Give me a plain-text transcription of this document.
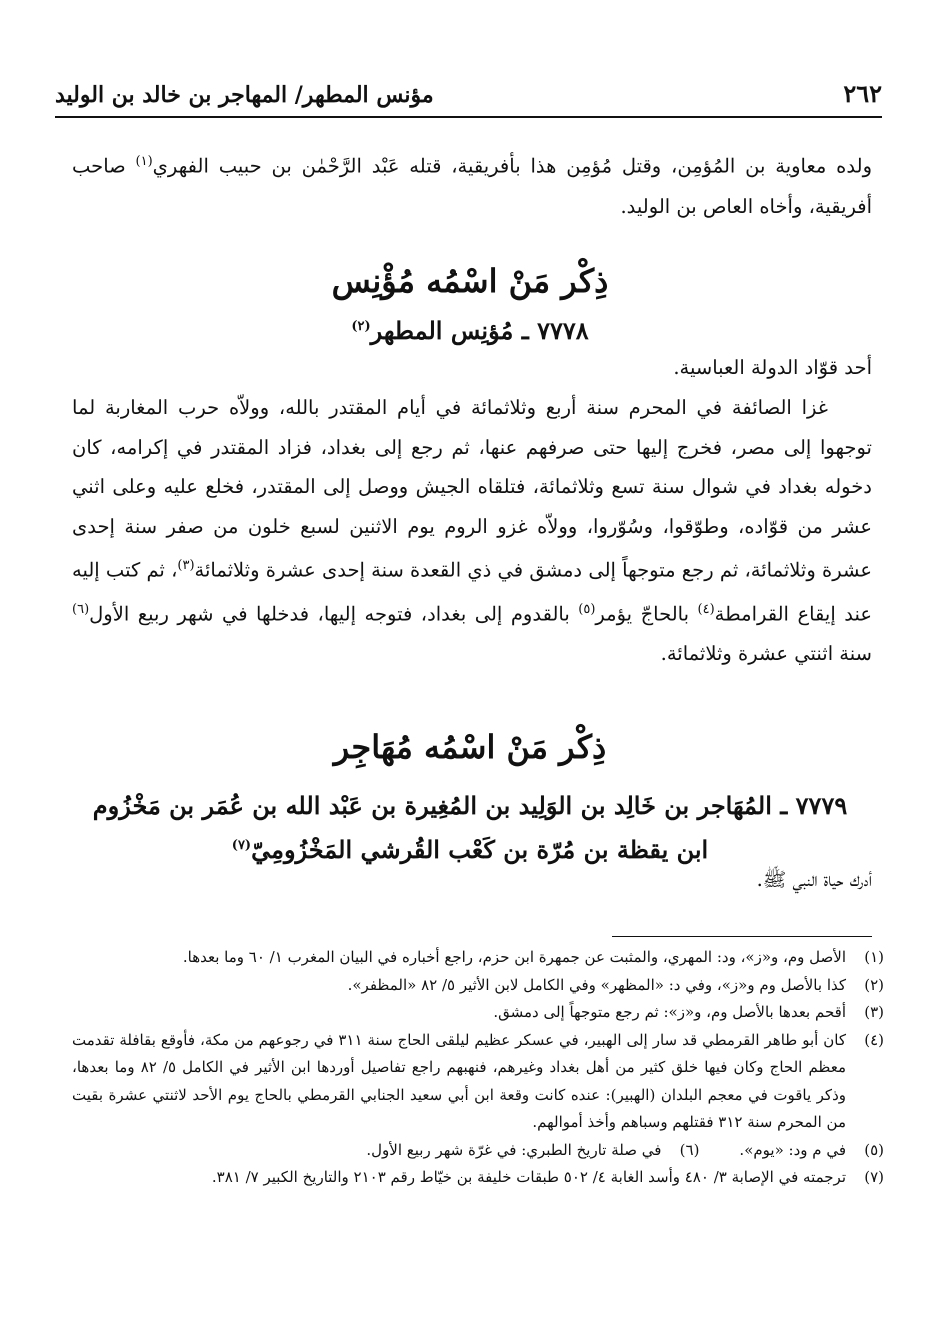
٢٦٢
مؤنس المطهر/ المهاجر بن خالد بن الوليد
ولده معاوية بن المُؤمِن، وقتل مُؤمِن هذا بأفريقية، قتله عَبْد الرَّحْمٰن بن حبيب الفهري$^{(١)}$ صاحب أفريقية، وأخاه العاص بن الوليد.
ذِكْر مَنْ اسْمُه مُؤْنِس
٧٧٧٨ ـ مُؤنِس المطهر$^{(٢)}$
أحد قوّاد الدولة العباسية.
غزا الصائفة في المحرم سنة أربع وثلاثمائة في أيام المقتدر بالله، وولاّه حرب المغاربة لما توجهوا إلى مصر، فخرج إليها حتى صرفهم عنها، ثم رجع إلى بغداد، فزاد المقتدر في إكرامه، كان دخوله بغداد في شوال سنة تسع وثلاثمائة، فتلقاه الجيش ووصل إلى المقتدر، فخلع عليه وعلى اثني عشر من قوّاده، وطوّقوا، وسُوّروا، وولاّه غزو الروم يوم الاثنين لسبع خلون من صفر سنة إحدى عشرة وثلاثمائة، ثم رجع متوجهاً إلى دمشق في ذي القعدة سنة إحدى عشرة وثلاثمائة$^{(٣)}$، ثم كتب إليه عند إيقاع القرامطة$^{(٤)}$ بالحاجّ يؤمر$^{(٥)}$ بالقدوم إلى بغداد، فتوجه إليها، فدخلها في شهر ربيع الأول$^{(٦)}$ سنة اثنتي عشرة وثلاثمائة.
ذِكْر مَنْ اسْمُه مُهَاجِر
٧٧٧٩ ـ المُهَاجر بن خَالِد بن الوَلِيد بن المُغِيرة بن عَبْد الله بن عُمَر بن مَخْزُوم
ابن يقظة بن مُرّة بن كَعْب القُرشي المَخْزُومِيّ$^{(٧)}$
أدرك حياة النبي ﷺ.
(١)
الأصل وم، و«ز»، ود: المهري، والمثبت عن جمهرة ابن حزم، راجع أخباره في البيان المغرب ١/ ٦٠ وما بعدها.
(٢)
كذا بالأصل وم و«ز»، وفي د: «المظهر» وفي الكامل لابن الأثير ٥/ ٨٢ «المظفر».
(٣)
أقحم بعدها بالأصل وم، و«ز»: ثم رجع متوجهاً إلى دمشق.
(٤)
كان أبو طاهر القرمطي قد سار إلى الهبير، في عسكر عظيم ليلقى الحاج سنة ٣١١ في رجوعهم من مكة، فأوقع بقافلة تقدمت معظم الحاج وكان فيها خلق كثير من أهل بغداد وغيرهم، فنهبهم راجع تفاصيل أوردها ابن الأثير في الكامل ٥/ ٨٢ وما بعدها، وذكر ياقوت في معجم البلدان (الهبير): عنده كانت وقعة ابن أبي سعيد الجنابي القرمطي بالحاج يوم الأحد لاثنتي عشرة بقيت من المحرم سنة ٣١٢ فقتلهم وسباهم وأخذ أموالهم.
(٥)
في م ود: «يوم».
(٦)
في صلة تاريخ الطبري: في غرّة شهر ربيع الأول.
(٧)
ترجمته في الإصابة ٣/ ٤٨٠ وأسد الغابة ٤/ ٥٠٢ طبقات خليفة بن خيّاط رقم ٢١٠٣ والتاريخ الكبير ٧/ ٣٨١.
